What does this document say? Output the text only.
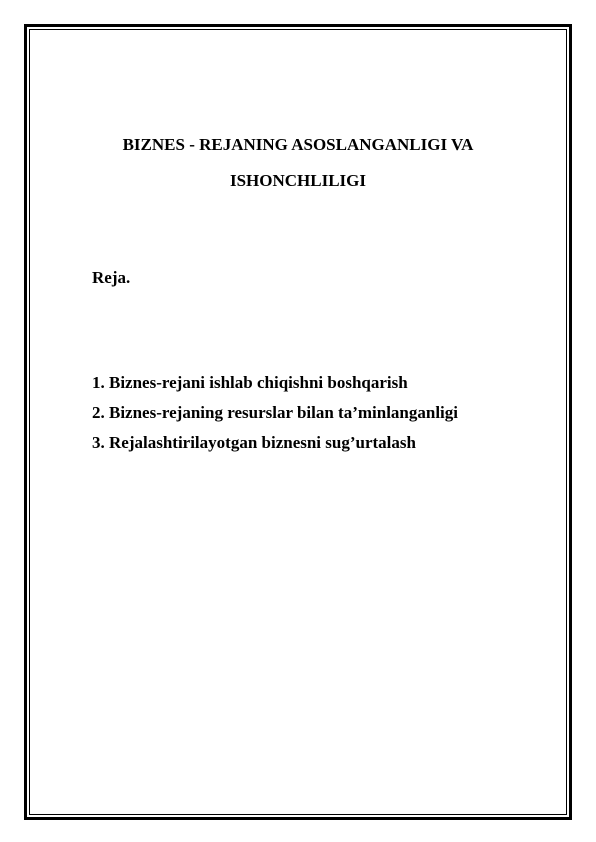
BIZNES - REJANING ASOSLANGANLIGI VA
ISHONCHLILIGI

Reja.

1. Biznes-rejani ishlab chiqishni boshqarish
2. Biznes-rejaning resurslar bilan ta’minlanganligi
3. Rejalashtirilayotgan biznesni sug’urtalash
